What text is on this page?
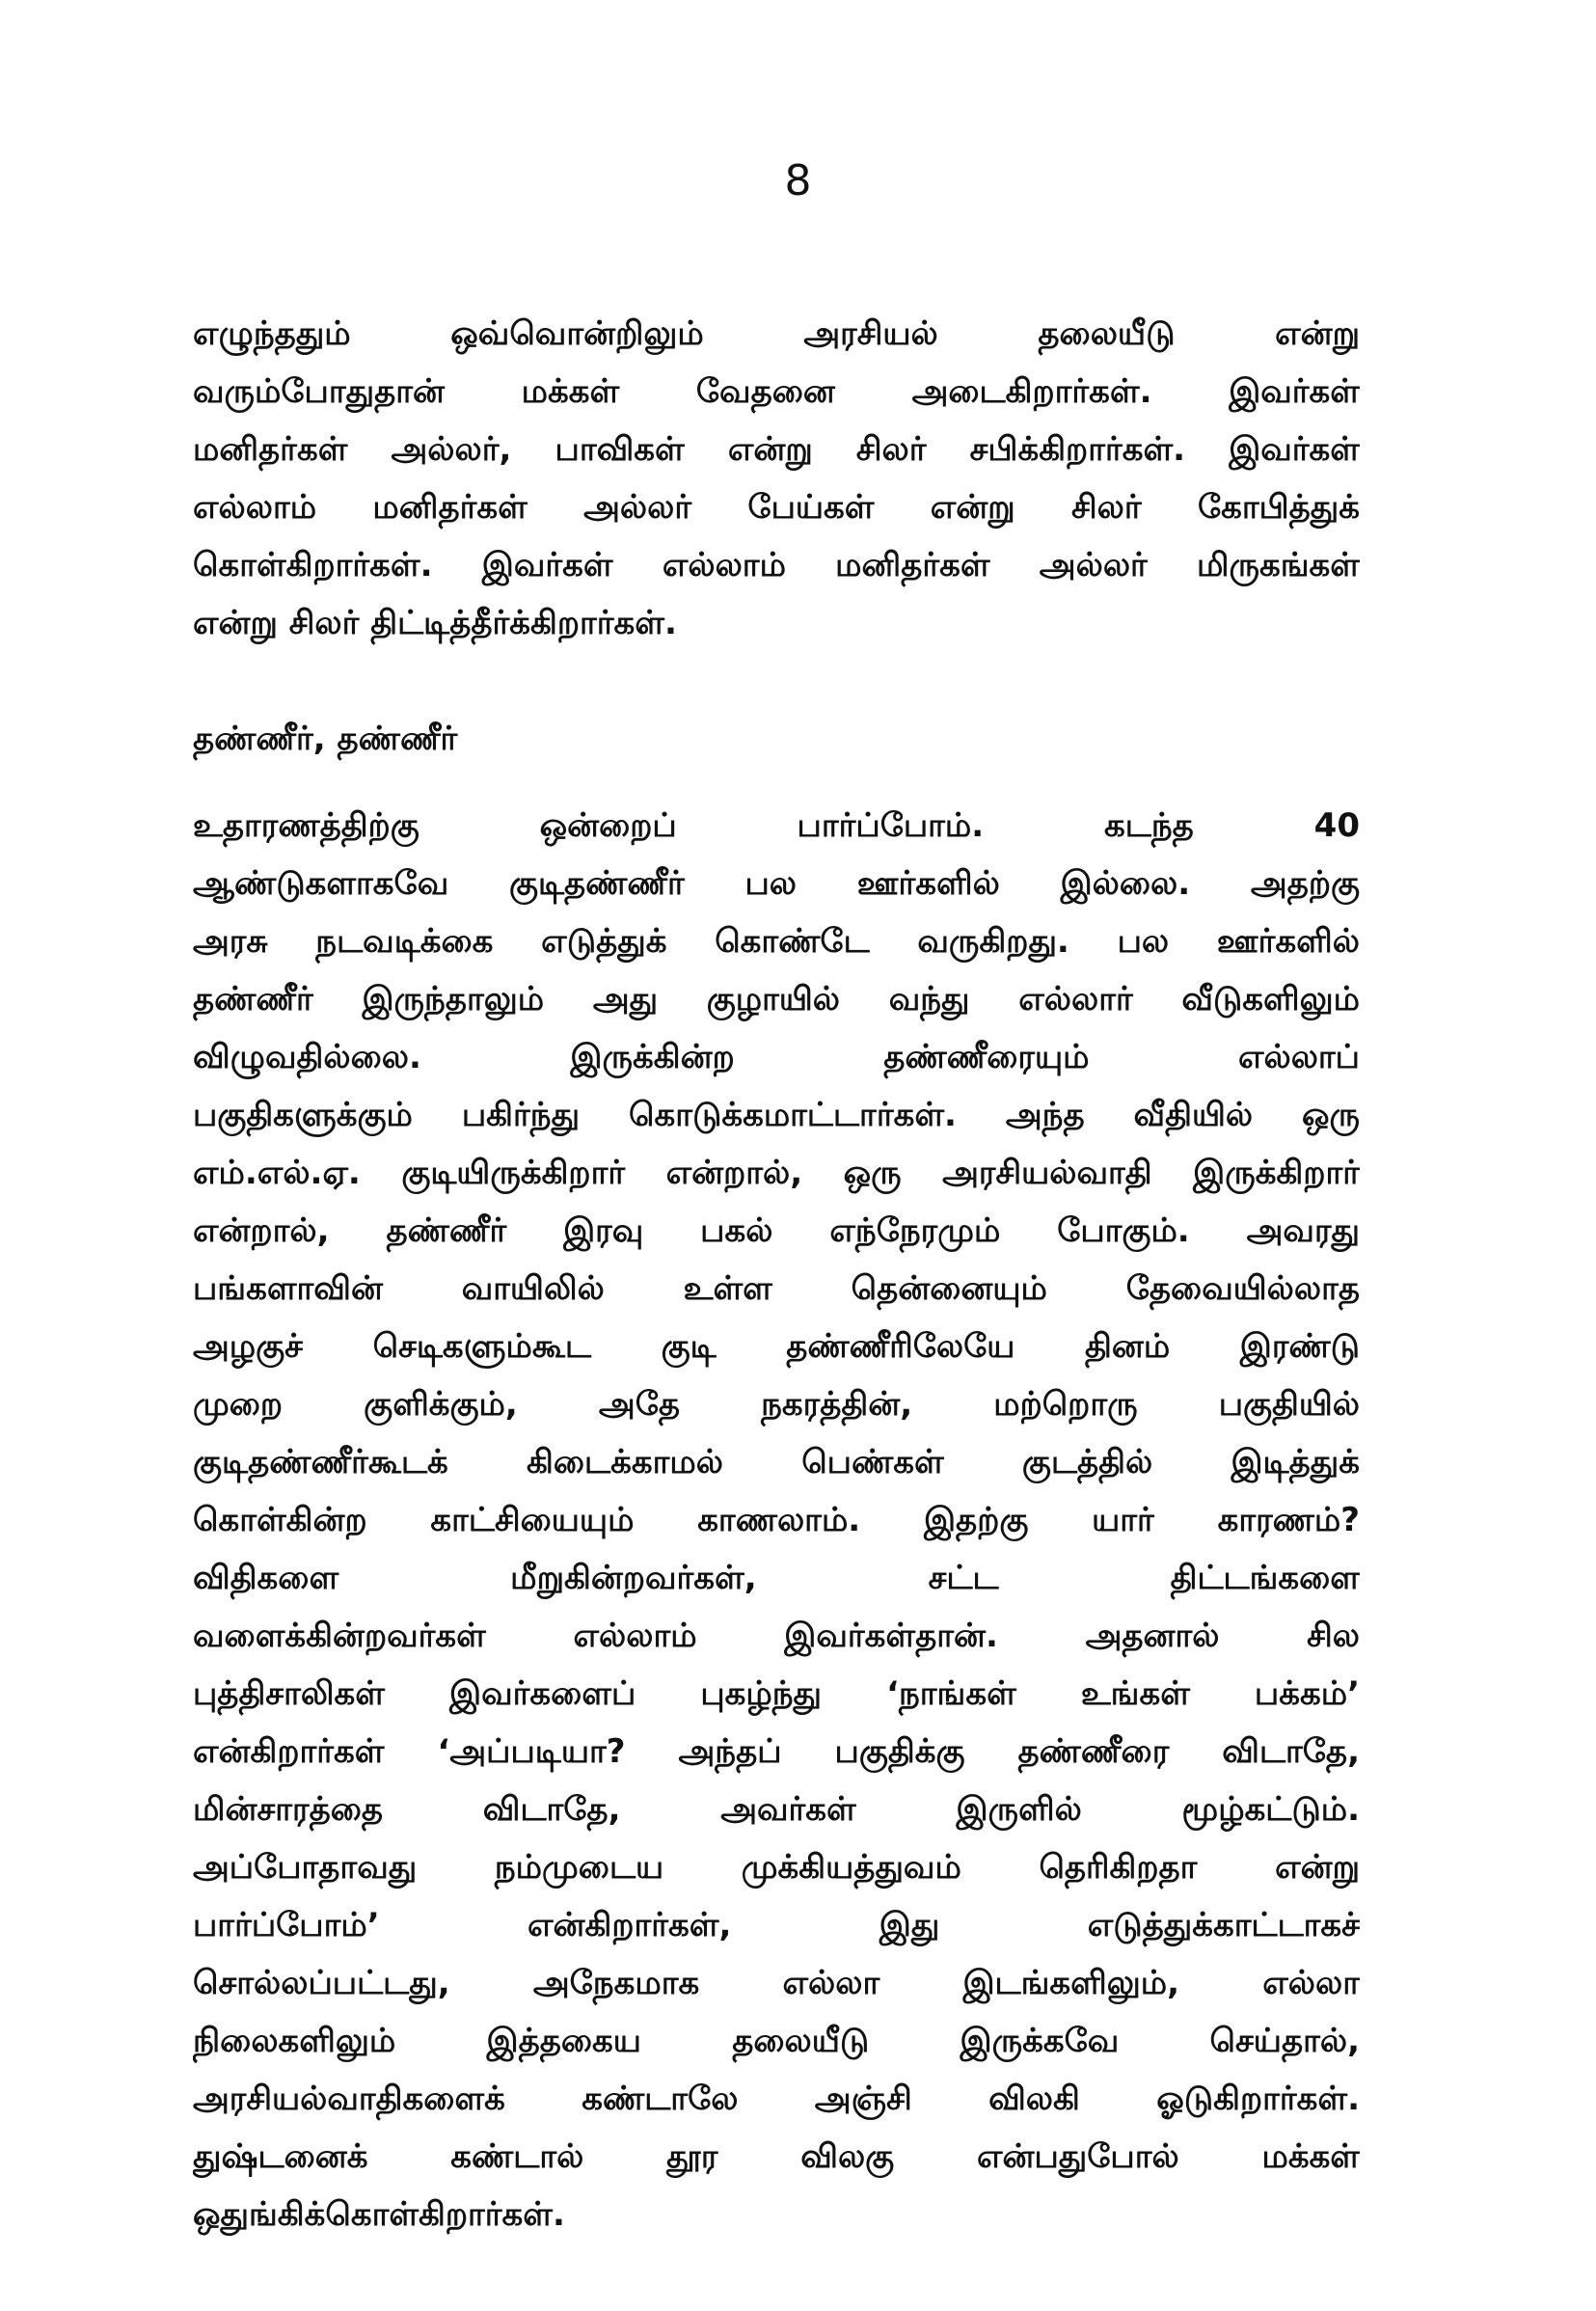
8
எழுந்ததும் ஒவ்வொன்றிலும் அரசியல் தலையீடு என்று
வரும்போதுதான் மக்கள் வேதனை அடைகிறார்கள். இவர்கள்
மனிதர்கள் அல்லர், பாவிகள் என்று சிலர் சபிக்கிறார்கள். இவர்கள்
எல்லாம் மனிதர்கள் அல்லர் பேய்கள் என்று சிலர் கோபித்துக்
கொள்கிறார்கள். இவர்கள் எல்லாம் மனிதர்கள் அல்லர் மிருகங்கள்
என்று சிலர் திட்டித்தீர்க்கிறார்கள்.
தண்ணீர், தண்ணீர்
உதாரணத்திற்கு ஒன்றைப் பார்ப்போம். கடந்த 40
ஆண்டுகளாகவே குடிதண்ணீர் பல ஊர்களில் இல்லை. அதற்கு
அரசு நடவடிக்கை எடுத்துக் கொண்டே வருகிறது. பல ஊர்களில்
தண்ணீர் இருந்தாலும் அது குழாயில் வந்து எல்லார் வீடுகளிலும்
விழுவதில்லை. இருக்கின்ற தண்ணீரையும் எல்லாப்
பகுதிகளுக்கும் பகிர்ந்து கொடுக்கமாட்டார்கள். அந்த வீதியில் ஒரு
எம்.எல்.ஏ. குடியிருக்கிறார் என்றால், ஒரு அரசியல்வாதி இருக்கிறார்
என்றால், தண்ணீர் இரவு பகல் எந்நேரமும் போகும். அவரது
பங்களாவின் வாயிலில் உள்ள தென்னையும் தேவையில்லாத
அழகுச் செடிகளும்கூட குடி தண்ணீரிலேயே தினம் இரண்டு
முறை குளிக்கும், அதே நகரத்தின், மற்றொரு பகுதியில்
குடிதண்ணீர்கூடக் கிடைக்காமல் பெண்கள் குடத்தில் இடித்துக்
கொள்கின்ற காட்சியையும் காணலாம். இதற்கு யார் காரணம்?
விதிகளை மீறுகின்றவர்கள், சட்ட திட்டங்களை
வளைக்கின்றவர்கள் எல்லாம் இவர்கள்தான். அதனால் சில
புத்திசாலிகள் இவர்களைப் புகழ்ந்து ‘நாங்கள் உங்கள் பக்கம்’
என்கிறார்கள் ‘அப்படியா? அந்தப் பகுதிக்கு தண்ணீரை விடாதே,
மின்சாரத்தை விடாதே, அவர்கள் இருளில் மூழ்கட்டும்.
அப்போதாவது நம்முடைய முக்கியத்துவம் தெரிகிறதா என்று
பார்ப்போம்’ என்கிறார்கள், இது எடுத்துக்காட்டாகச்
சொல்லப்பட்டது, அநேகமாக எல்லா இடங்களிலும், எல்லா
நிலைகளிலும் இத்தகைய தலையீடு இருக்கவே செய்தால்,
அரசியல்வாதிகளைக் கண்டாலே அஞ்சி விலகி ஓடுகிறார்கள்.
துஷ்டனைக் கண்டால் தூர விலகு என்பதுபோல் மக்கள்
ஒதுங்கிக்கொள்கிறார்கள்.
